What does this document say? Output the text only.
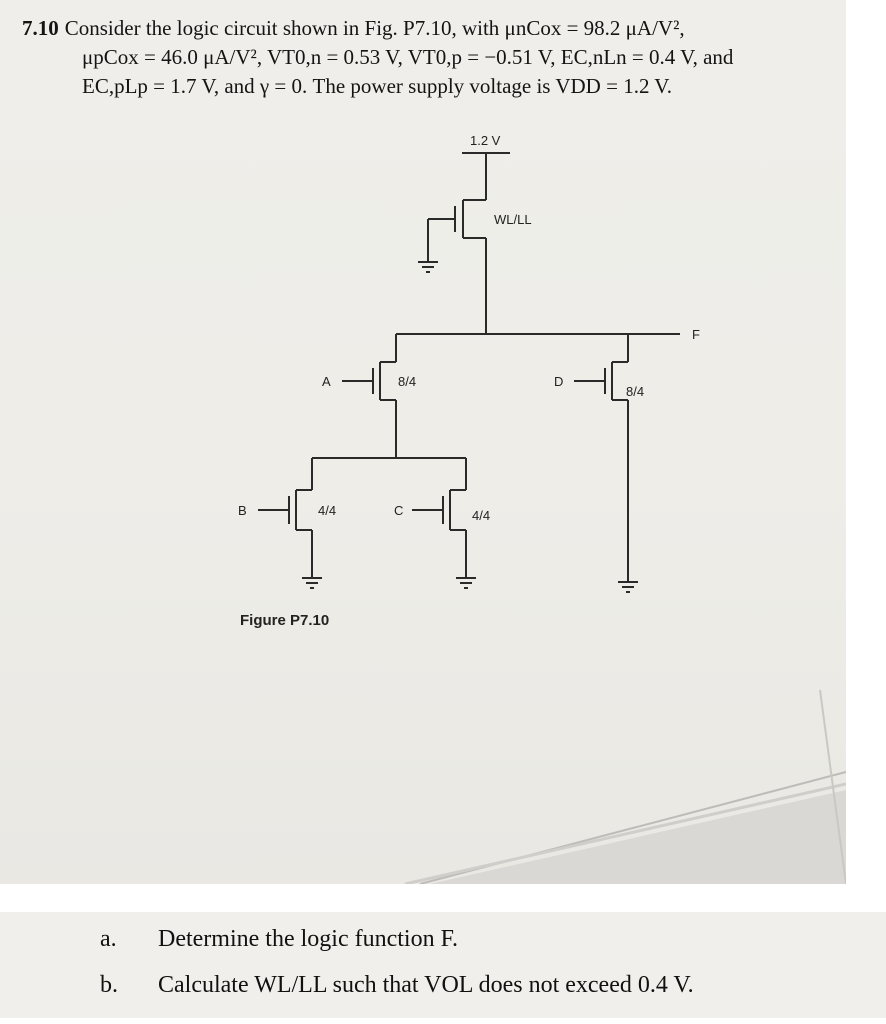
7.10 Consider the logic circuit shown in Fig. P7.10, with μnCox = 98.2 μA/V²,
μpCox = 46.0 μA/V², VT0,n = 0.53 V, VT0,p = −0.51 V, EC,nLn = 0.4 V, and
EC,pLp = 1.7 V, and γ = 0. The power supply voltage is VDD = 1.2 V.
1.2 V
WL/LL
F
A	8/4
B	4/4	C	4/4
D
8/4
Figure P7.10
a. Determine the logic function F.
b. Calculate WL/LL such that VOL does not exceed 0.4 V.
